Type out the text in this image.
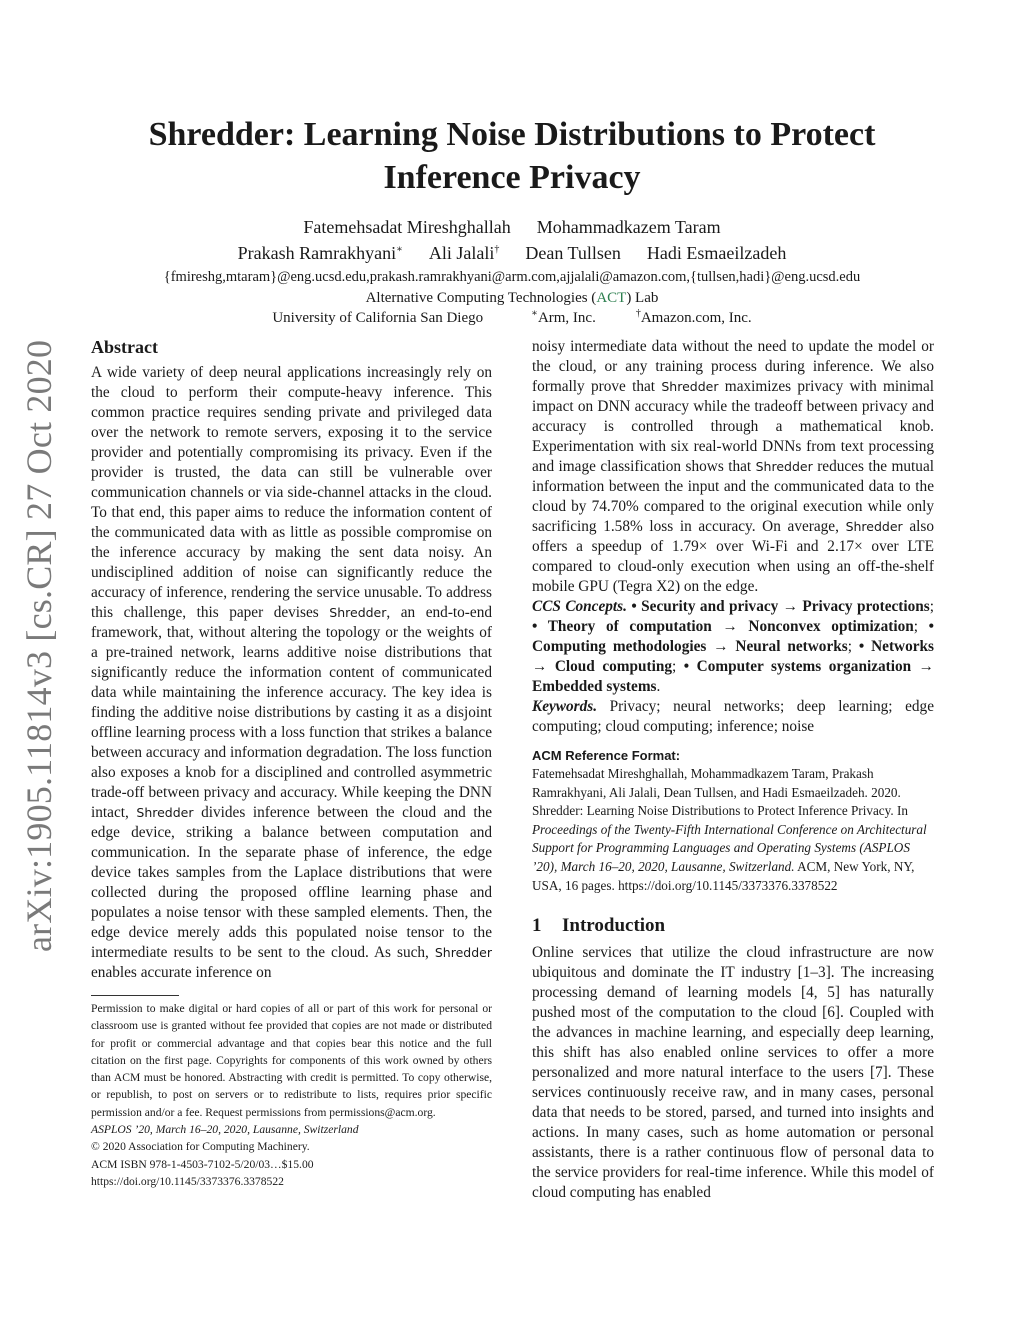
arXiv:1905.11814v3 [cs.CR] 27 Oct 2020
Shredder: Learning Noise Distributions to Protect
Inference Privacy
Fatemehsadat Mireshghallah Mohammadkazem Taram
Prakash Ramrakhyani∗ Ali Jalali† Dean Tullsen Hadi Esmaeilzadeh
{fmireshg,mtaram}@eng.ucsd.edu,prakash.ramrakhyani@arm.com,ajjalali@amazon.com,{tullsen,hadi}@eng.ucsd.edu
Alternative Computing Technologies (ACT) Lab
University of California San Diego	∗Arm, Inc.	†Amazon.com, Inc.
Abstract

A wide variety of deep neural applications increasingly rely on the cloud to perform their compute-heavy inference. This common practice requires sending private and privileged data over the network to remote servers, exposing it to the service provider and potentially compromising its privacy. Even if the provider is trusted, the data can still be vulnerable over communication channels or via side-channel attacks in the cloud. To that end, this paper aims to reduce the information content of the communicated data with as little as possible compromise on the inference accuracy by making the sent data noisy. An undisciplined addition of noise can significantly reduce the accuracy of inference, rendering the service unusable. To address this challenge, this paper devises Shredder, an end-to-end framework, that, without altering the topology or the weights of a pre-trained network, learns additive noise distributions that significantly reduce the information content of communicated data while maintaining the inference accuracy. The key idea is finding the additive noise distributions by casting it as a disjoint offline learning process with a loss function that strikes a balance between accuracy and information degradation. The loss function also exposes a knob for a disciplined and controlled asymmetric trade-off between privacy and accuracy. While keeping the DNN intact, Shredder divides inference between the cloud and the edge device, striking a balance between computation and communication. In the separate phase of inference, the edge device takes samples from the Laplace distributions that were collected during the proposed offline learning phase and populates a noise tensor with these sampled elements. Then, the edge device merely adds this populated noise tensor to the intermediate results to be sent to the cloud. As such, Shredder enables accurate inference on

Permission to make digital or hard copies of all or part of this work for personal or classroom use is granted without fee provided that copies are not made or distributed for profit or commercial advantage and that copies bear this notice and the full citation on the first page. Copyrights for components of this work owned by others than ACM must be honored. Abstracting with credit is permitted. To copy otherwise, or republish, to post on servers or to redistribute to lists, requires prior specific permission and/or a fee. Request permissions from permissions@acm.org.

ASPLOS ’20, March 16–20, 2020, Lausanne, Switzerland

© 2020 Association for Computing Machinery.

ACM ISBN 978-1-4503-7102-5/20/03…$15.00

https://doi.org/10.1145/3373376.3378522

noisy intermediate data without the need to update the model or the cloud, or any training process during inference. We also formally prove that Shredder maximizes privacy with minimal impact on DNN accuracy while the tradeoff between privacy and accuracy is controlled through a mathematical knob. Experimentation with six real-world DNNs from text processing and image classification shows that Shredder reduces the mutual information between the input and the communicated data to the cloud by 74.70% compared to the original execution while only sacrificing 1.58% loss in accuracy. On average, Shredder also offers a speedup of 1.79× over Wi-Fi and 2.17× over LTE compared to cloud-only execution when using an off-the-shelf mobile GPU (Tegra X2) on the edge.

CCS Concepts. • Security and privacy → Privacy protections; • Theory of computation → Nonconvex optimization; • Computing methodologies → Neural networks; • Networks → Cloud computing; • Computer systems organization → Embedded systems.

Keywords. Privacy; neural networks; deep learning; edge computing; cloud computing; inference; noise

ACM Reference Format:

Fatemehsadat Mireshghallah, Mohammadkazem Taram, Prakash Ramrakhyani, Ali Jalali, Dean Tullsen, and Hadi Esmaeilzadeh. 2020. Shredder: Learning Noise Distributions to Protect Inference Privacy. In Proceedings of the Twenty-Fifth International Conference on Architectural Support for Programming Languages and Operating Systems (ASPLOS ’20), March 16–20, 2020, Lausanne, Switzerland. ACM, New York, NY, USA, 16 pages. https://doi.org/10.1145/3373376.3378522

1 Introduction

Online services that utilize the cloud infrastructure are now ubiquitous and dominate the IT industry [1–3]. The increasing processing demand of learning models [4, 5] has naturally pushed most of the computation to the cloud [6]. Coupled with the advances in machine learning, and especially deep learning, this shift has also enabled online services to offer a more personalized and more natural interface to the users [7]. These services continuously receive raw, and in many cases, personal data that needs to be stored, parsed, and turned into insights and actions. In many cases, such as home automation or personal assistants, there is a rather continuous flow of personal data to the service providers for real-time inference. While this model of cloud computing has enabled
